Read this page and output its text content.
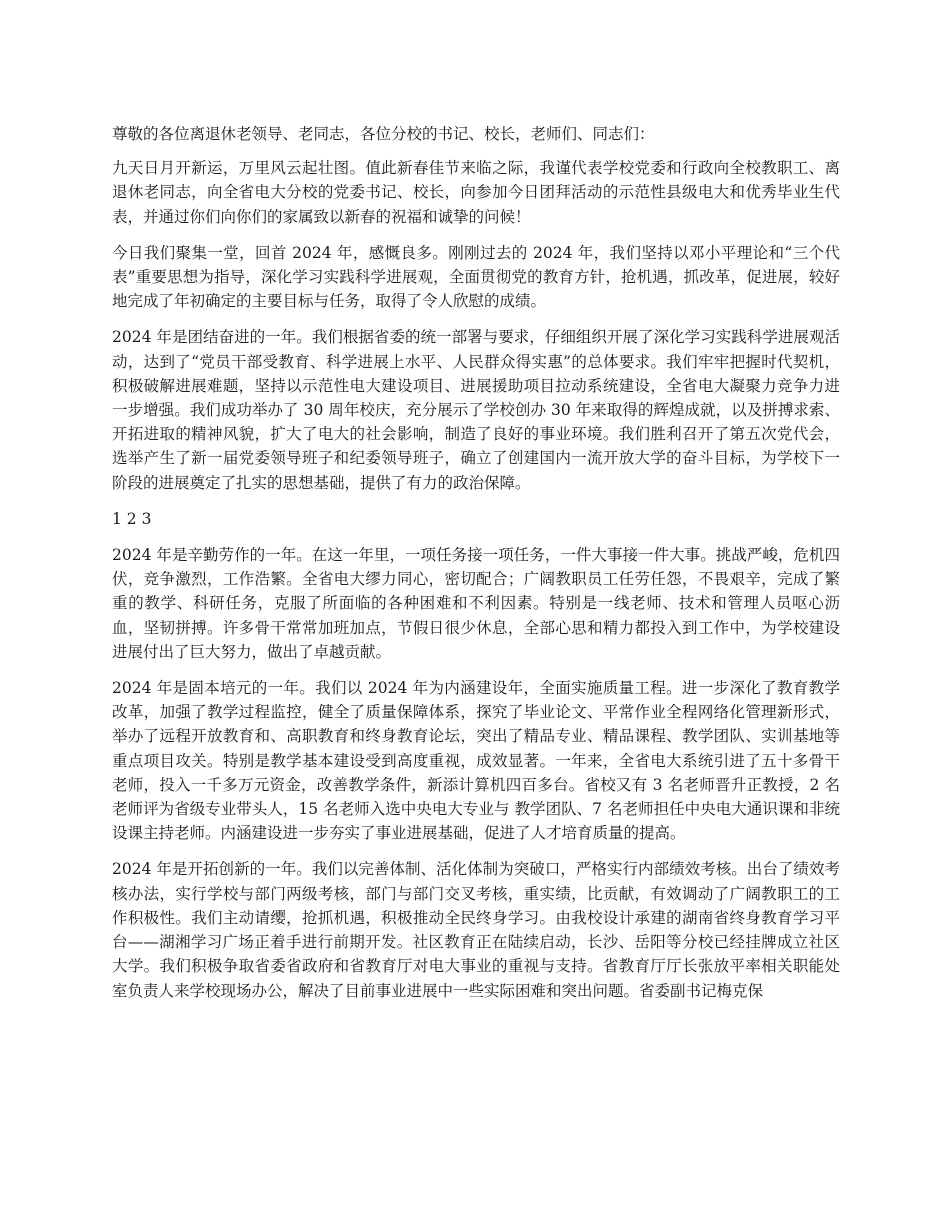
尊敬的各位离退休老领导、老同志，各位分校的书记、校长，老师们、同志们：

九天日月开新运，万里风云起壮图。值此新春佳节来临之际，我谨代表学校党委和行政向全校教职工、离退休老同志，向全省电大分校的党委书记、校长，向参加今日团拜活动的示范性县级电大和优秀毕业生代表，并通过你们向你们的家属致以新春的祝福和诚挚的问候！

今日我们聚集一堂，回首 2024 年，感慨良多。刚刚过去的 2024 年，我们坚持以邓小平理论和“三个代表”重要思想为指导，深化学习实践科学进展观，全面贯彻党的教育方针，抢机遇，抓改革，促进展，较好地完成了年初确定的主要目标与任务，取得了令人欣慰的成绩。

2024 年是团结奋进的一年。我们根据省委的统一部署与要求，仔细组织开展了深化学习实践科学进展观活动，达到了“党员干部受教育、科学进展上水平、人民群众得实惠”的总体要求。我们牢牢把握时代契机，积极破解进展难题，坚持以示范性电大建设项目、进展援助项目拉动系统建设，全省电大凝聚力竞争力进一步增强。我们成功举办了 30 周年校庆，充分展示了学校创办 30 年来取得的辉煌成就，以及拼搏求索、开拓进取的精神风貌，扩大了电大的社会影响，制造了良好的事业环境。我们胜利召开了第五次党代会，选举产生了新一届党委领导班子和纪委领导班子，确立了创建国内一流开放大学的奋斗目标，为学校下一阶段的进展奠定了扎实的思想基础，提供了有力的政治保障。

1 2 3

2024 年是辛勤劳作的一年。在这一年里，一项任务接一项任务，一件大事接一件大事。挑战严峻，危机四伏，竞争激烈，工作浩繁。全省电大缪力同心，密切配合；广阔教职员工任劳任怨，不畏艰辛，完成了繁重的教学、科研任务，克服了所面临的各种困难和不利因素。特别是一线老师、技术和管理人员呕心沥血，坚韧拼搏。许多骨干常常加班加点，节假日很少休息，全部心思和精力都投入到工作中，为学校建设进展付出了巨大努力，做出了卓越贡献。

2024 年是固本培元的一年。我们以 2024 年为内涵建设年，全面实施质量工程。进一步深化了教育教学改革，加强了教学过程监控，健全了质量保障体系，探究了毕业论文、平常作业全程网络化管理新形式，举办了远程开放教育和、高职教育和终身教育论坛，突出了精品专业、精品课程、教学团队、实训基地等重点项目攻关。特别是教学基本建设受到高度重视，成效显著。一年来，全省电大系统引进了五十多骨干老师，投入一千多万元资金，改善教学条件，新添计算机四百多台。省校又有 3 名老师晋升正教授，2 名老师评为省级专业带头人，15 名老师入选中央电大专业与 教学团队、7 名老师担任中央电大通识课和非统设课主持老师。内涵建设进一步夯实了事业进展基础，促进了人才培育质量的提高。

2024 年是开拓创新的一年。我们以完善体制、活化体制为突破口，严格实行内部绩效考核。出台了绩效考核办法，实行学校与部门两级考核，部门与部门交叉考核，重实绩，比贡献，有效调动了广阔教职工的工作积极性。我们主动请缨，抢抓机遇，积极推动全民终身学习。由我校设计承建的湖南省终身教育学习平台——湖湘学习广场正着手进行前期开发。社区教育正在陆续启动，长沙、岳阳等分校已经挂牌成立社区大学。我们积极争取省委省政府和省教育厅对电大事业的重视与支持。省教育厅厅长张放平率相关职能处室负责人来学校现场办公，解决了目前事业进展中一些实际困难和突出问题。省委副书记梅克保
